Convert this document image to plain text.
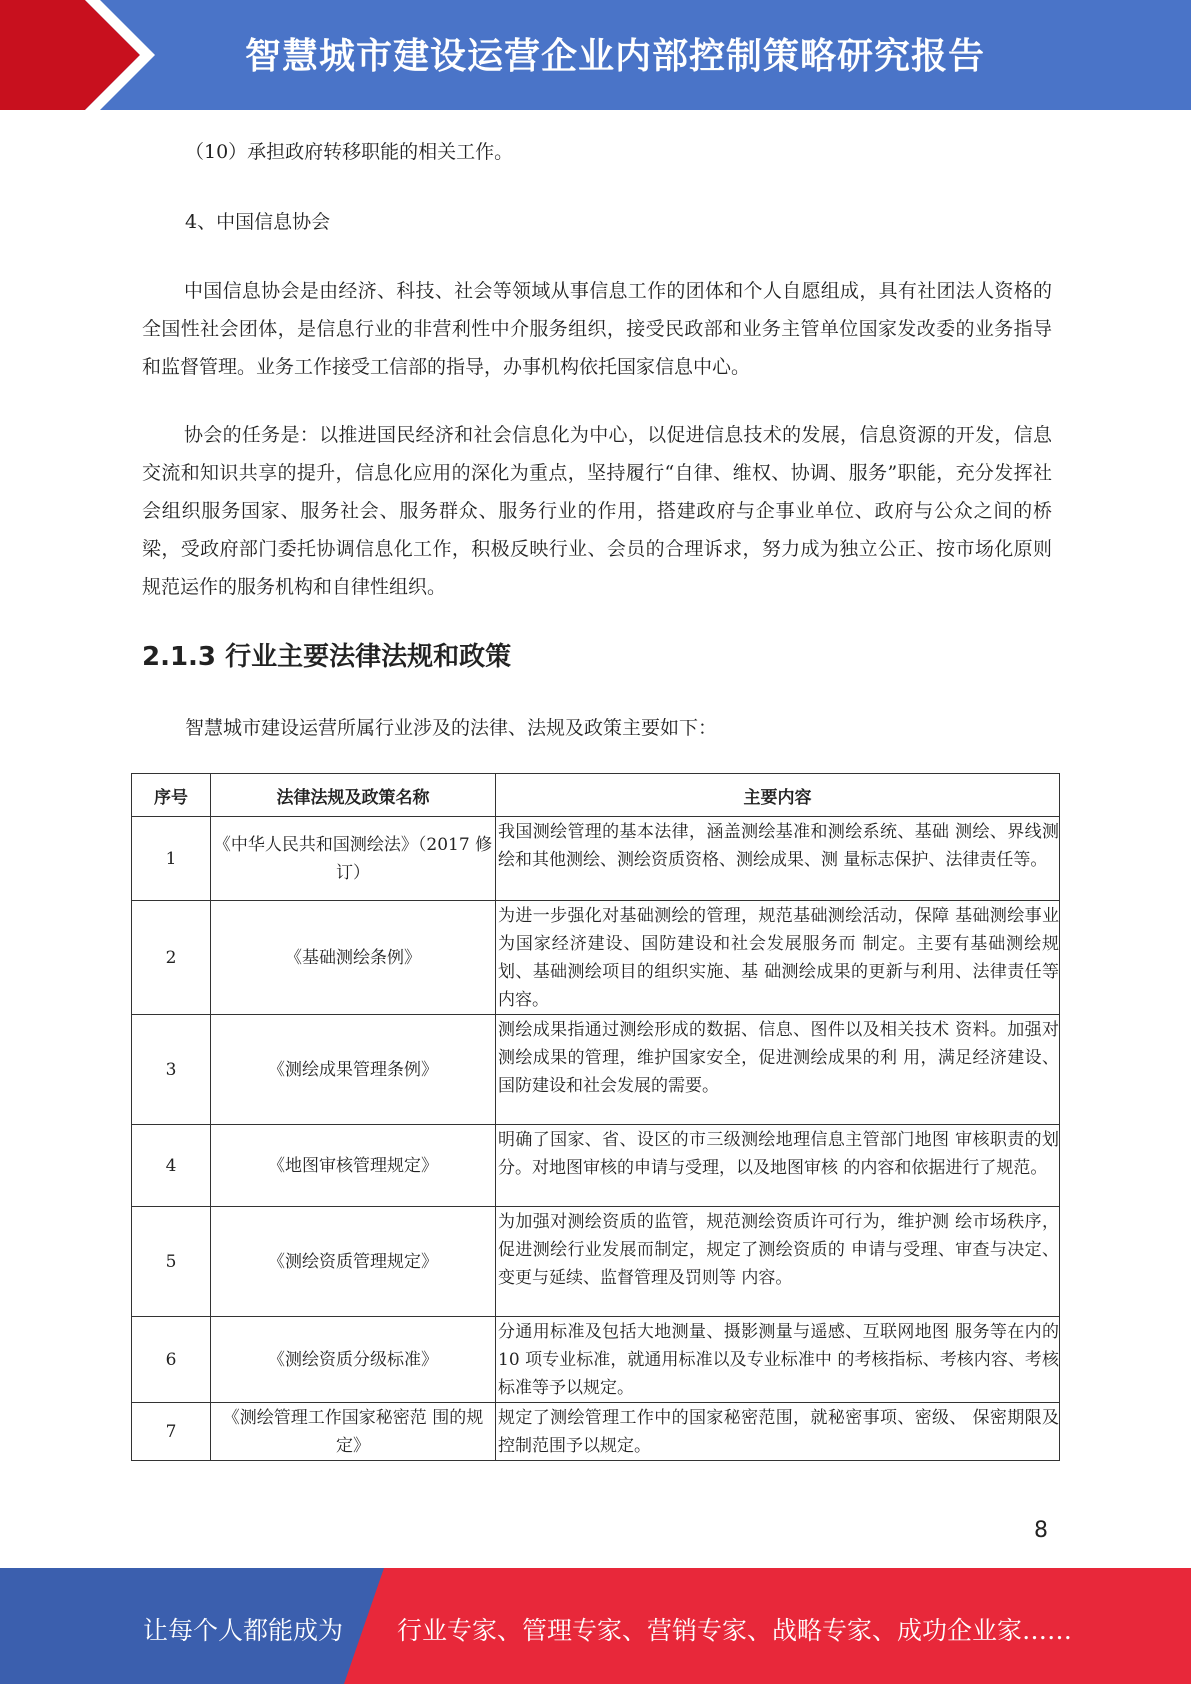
智慧城市建设运营企业内部控制策略研究报告
（10）承担政府转移职能的相关工作。
4、中国信息协会
中国信息协会是由经济、科技、社会等领域从事信息工作的团体和个人自愿组成，具有社团法人资格的全国性社会团体，是信息行业的非营利性中介服务组织，接受民政部和业务主管单位国家发改委的业务指导和监督管理。业务工作接受工信部的指导，办事机构依托国家信息中心。
协会的任务是：以推进国民经济和社会信息化为中心，以促进信息技术的发展，信息资源的开发，信息交流和知识共享的提升，信息化应用的深化为重点，坚持履行“自律、维权、协调、服务”职能，充分发挥社会组织服务国家、服务社会、服务群众、服务行业的作用，搭建政府与企事业单位、政府与公众之间的桥梁，受政府部门委托协调信息化工作，积极反映行业、会员的合理诉求，努力成为独立公正、按市场化原则规范运作的服务机构和自律性组织。
2.1.3 行业主要法律法规和政策
智慧城市建设运营所属行业涉及的法律、法规及政策主要如下：
序号	法律法规及政策名称	主要内容
1	《中华人民共和国测绘法》（2017 修订）	我国测绘管理的基本法律，涵盖测绘基准和测绘系统、基础 测绘、界线测绘和其他测绘、测绘资质资格、测绘成果、测 量标志保护、法律责任等。
2	《基础测绘条例》	为进一步强化对基础测绘的管理，规范基础测绘活动，保障 基础测绘事业为国家经济建设、国防建设和社会发展服务而 制定。主要有基础测绘规划、基础测绘项目的组织实施、基 础测绘成果的更新与利用、法律责任等内容。
3	《测绘成果管理条例》	测绘成果指通过测绘形成的数据、信息、图件以及相关技术 资料。加强对测绘成果的管理，维护国家安全，促进测绘成果的利 用，满足经济建设、国防建设和社会发展的需要。
4	《地图审核管理规定》	明确了国家、省、设区的市三级测绘地理信息主管部门地图 审核职责的划分。对地图审核的申请与受理，以及地图审核 的内容和依据进行了规范。
5	《测绘资质管理规定》	为加强对测绘资质的监管，规范测绘资质许可行为，维护测 绘市场秩序，促进测绘行业发展而制定，规定了测绘资质的 申请与受理、审查与决定、变更与延续、监督管理及罚则等 内容。
6	《测绘资质分级标准》	分通用标准及包括大地测量、摄影测量与遥感、互联网地图 服务等在内的 10 项专业标准，就通用标准以及专业标准中 的考核指标、考核内容、考核标准等予以规定。
7	《测绘管理工作国家秘密范 围的规定》	规定了测绘管理工作中的国家秘密范围，就秘密事项、密级、 保密期限及控制范围予以规定。
8
让每个人都能成为 行业专家、管理专家、营销专家、战略专家、成功企业家……
